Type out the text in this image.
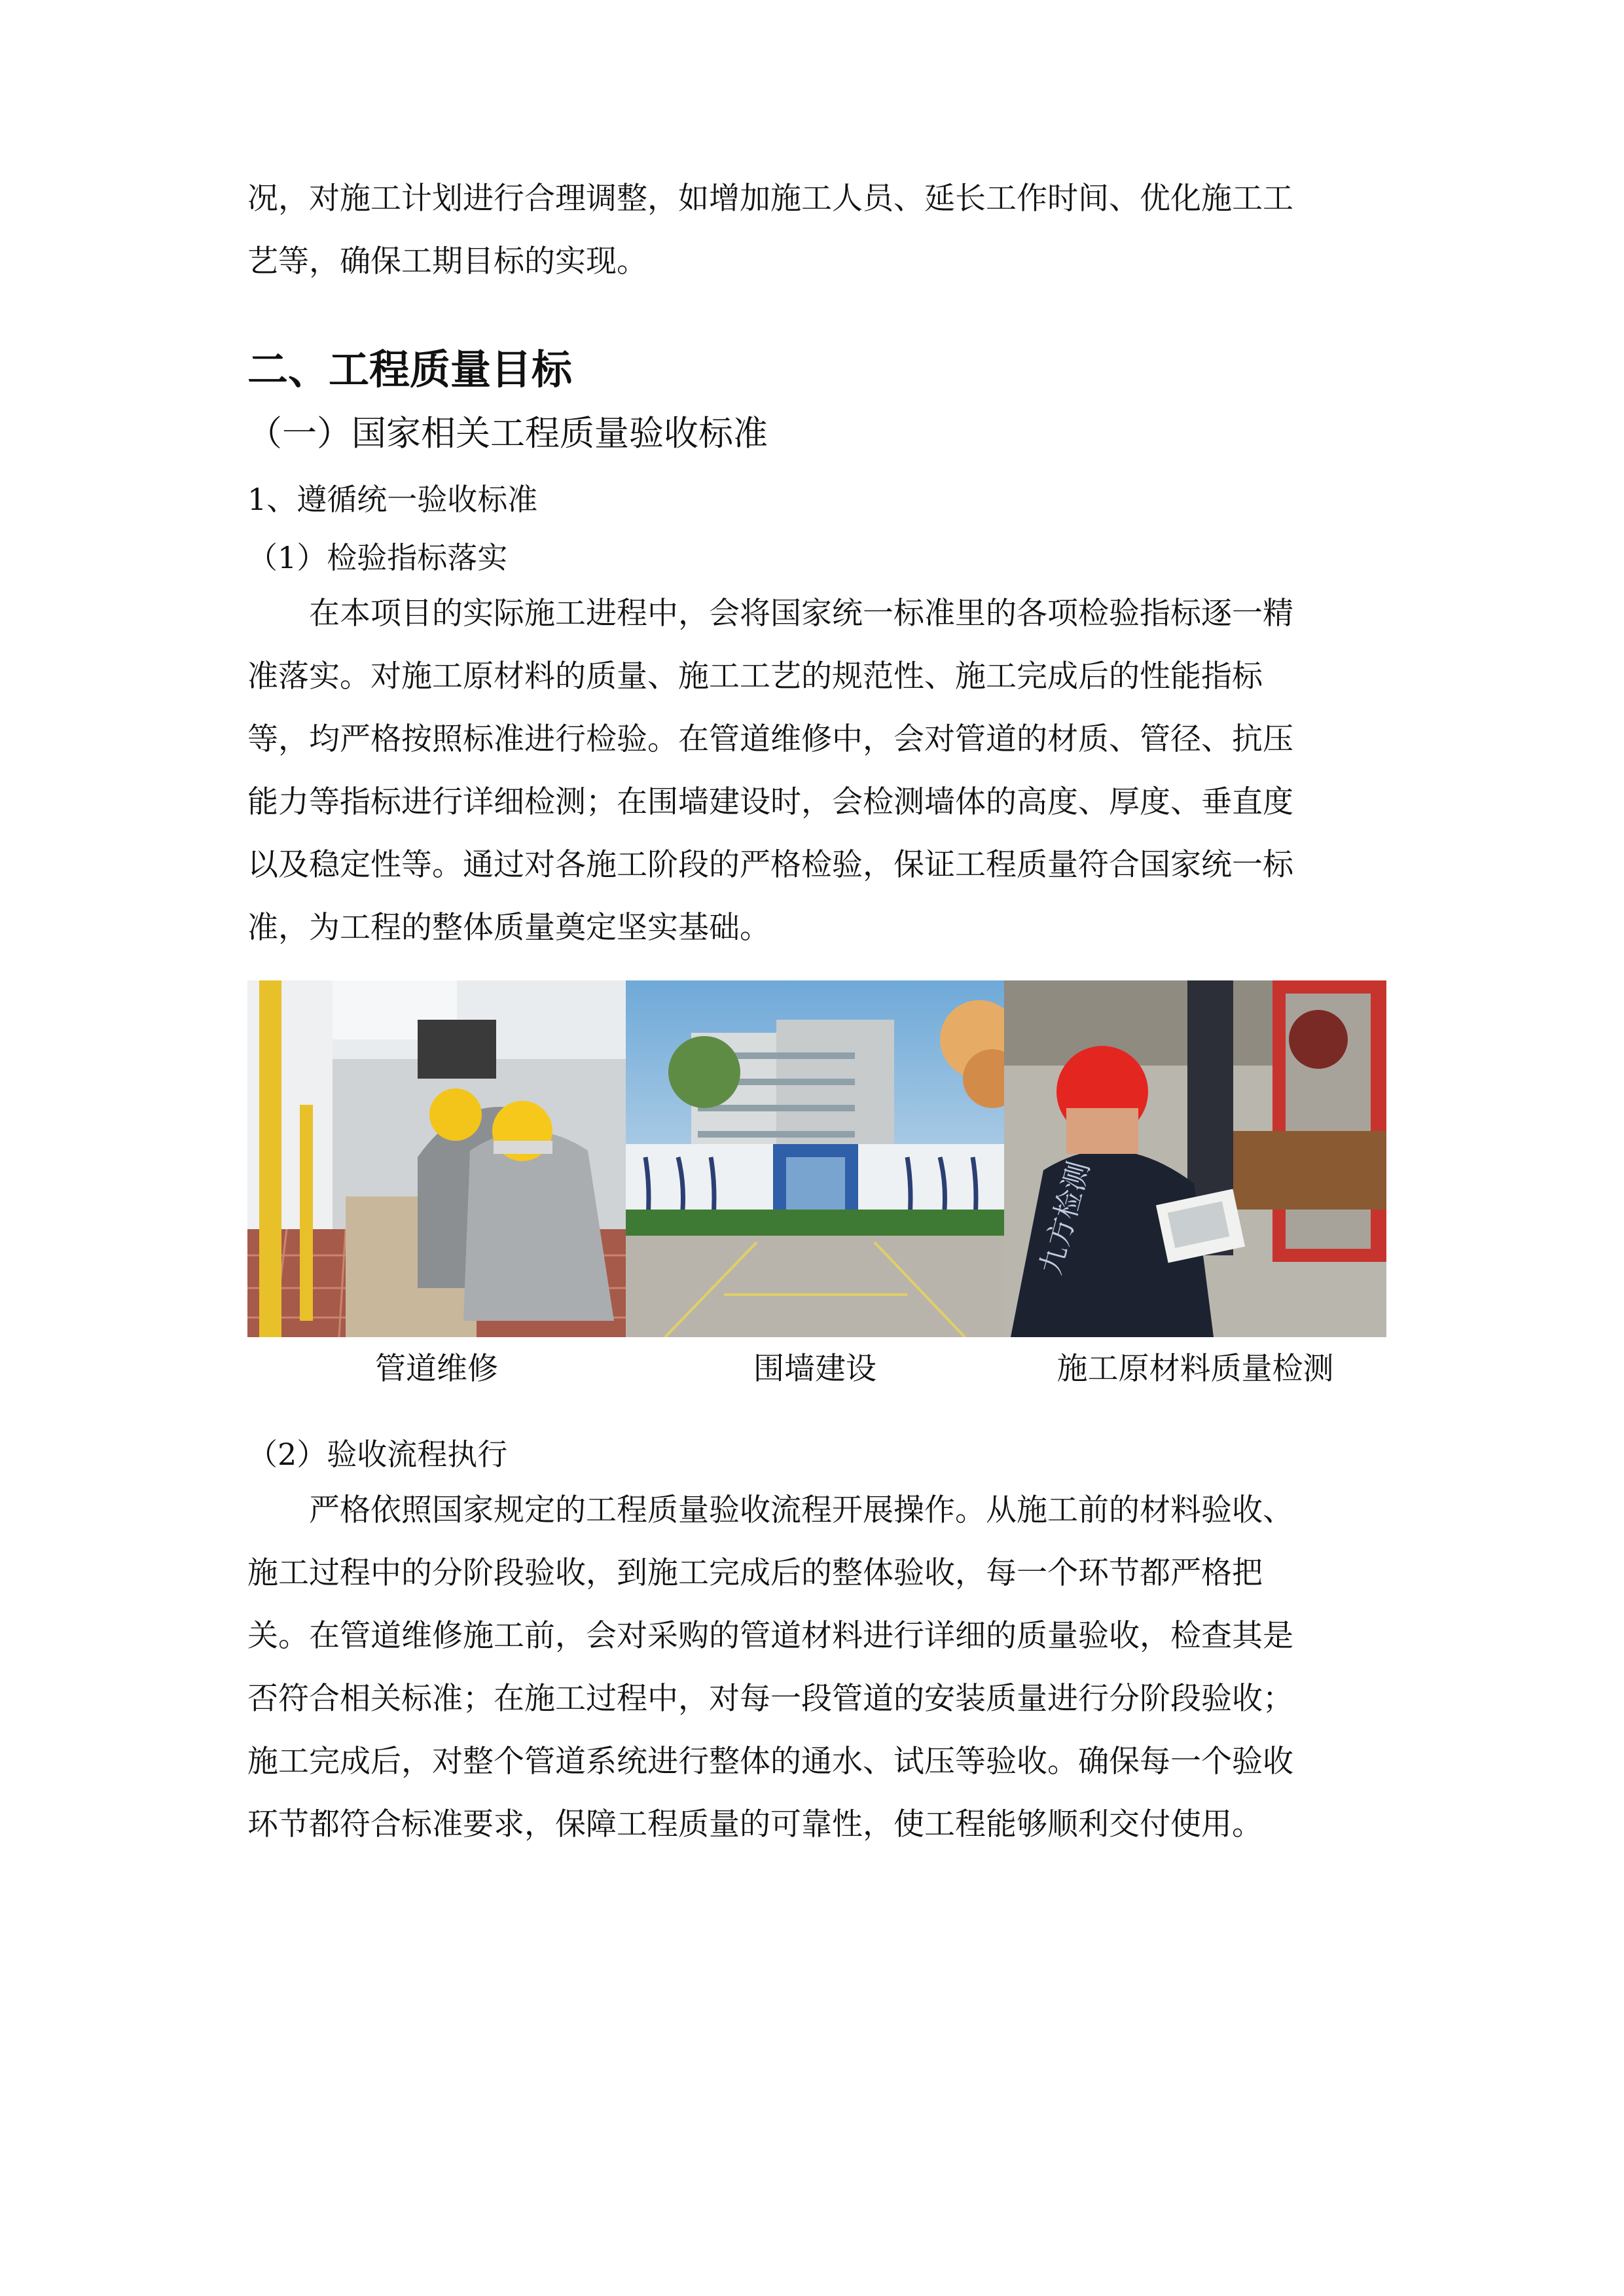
况，对施工计划进行合理调整，如增加施工人员、延长工作时间、优化施工工
艺等，确保工期目标的实现。
二、工程质量目标
（一）国家相关工程质量验收标准
1、遵循统一验收标准
（1）检验指标落实
在本项目的实际施工进程中，会将国家统一标准里的各项检验指标逐一精
准落实。对施工原材料的质量、施工工艺的规范性、施工完成后的性能指标
等，均严格按照标准进行检验。在管道维修中，会对管道的材质、管径、抗压
能力等指标进行详细检测；在围墙建设时，会检测墙体的高度、厚度、垂直度
以及稳定性等。通过对各施工阶段的严格检验，保证工程质量符合国家统一标
准，为工程的整体质量奠定坚实基础。
九方检测
管道维修	围墙建设	施工原材料质量检测
（2）验收流程执行
严格依照国家规定的工程质量验收流程开展操作。从施工前的材料验收、
施工过程中的分阶段验收，到施工完成后的整体验收，每一个环节都严格把
关。在管道维修施工前，会对采购的管道材料进行详细的质量验收，检查其是
否符合相关标准；在施工过程中，对每一段管道的安装质量进行分阶段验收；
施工完成后，对整个管道系统进行整体的通水、试压等验收。确保每一个验收
环节都符合标准要求，保障工程质量的可靠性，使工程能够顺利交付使用。
